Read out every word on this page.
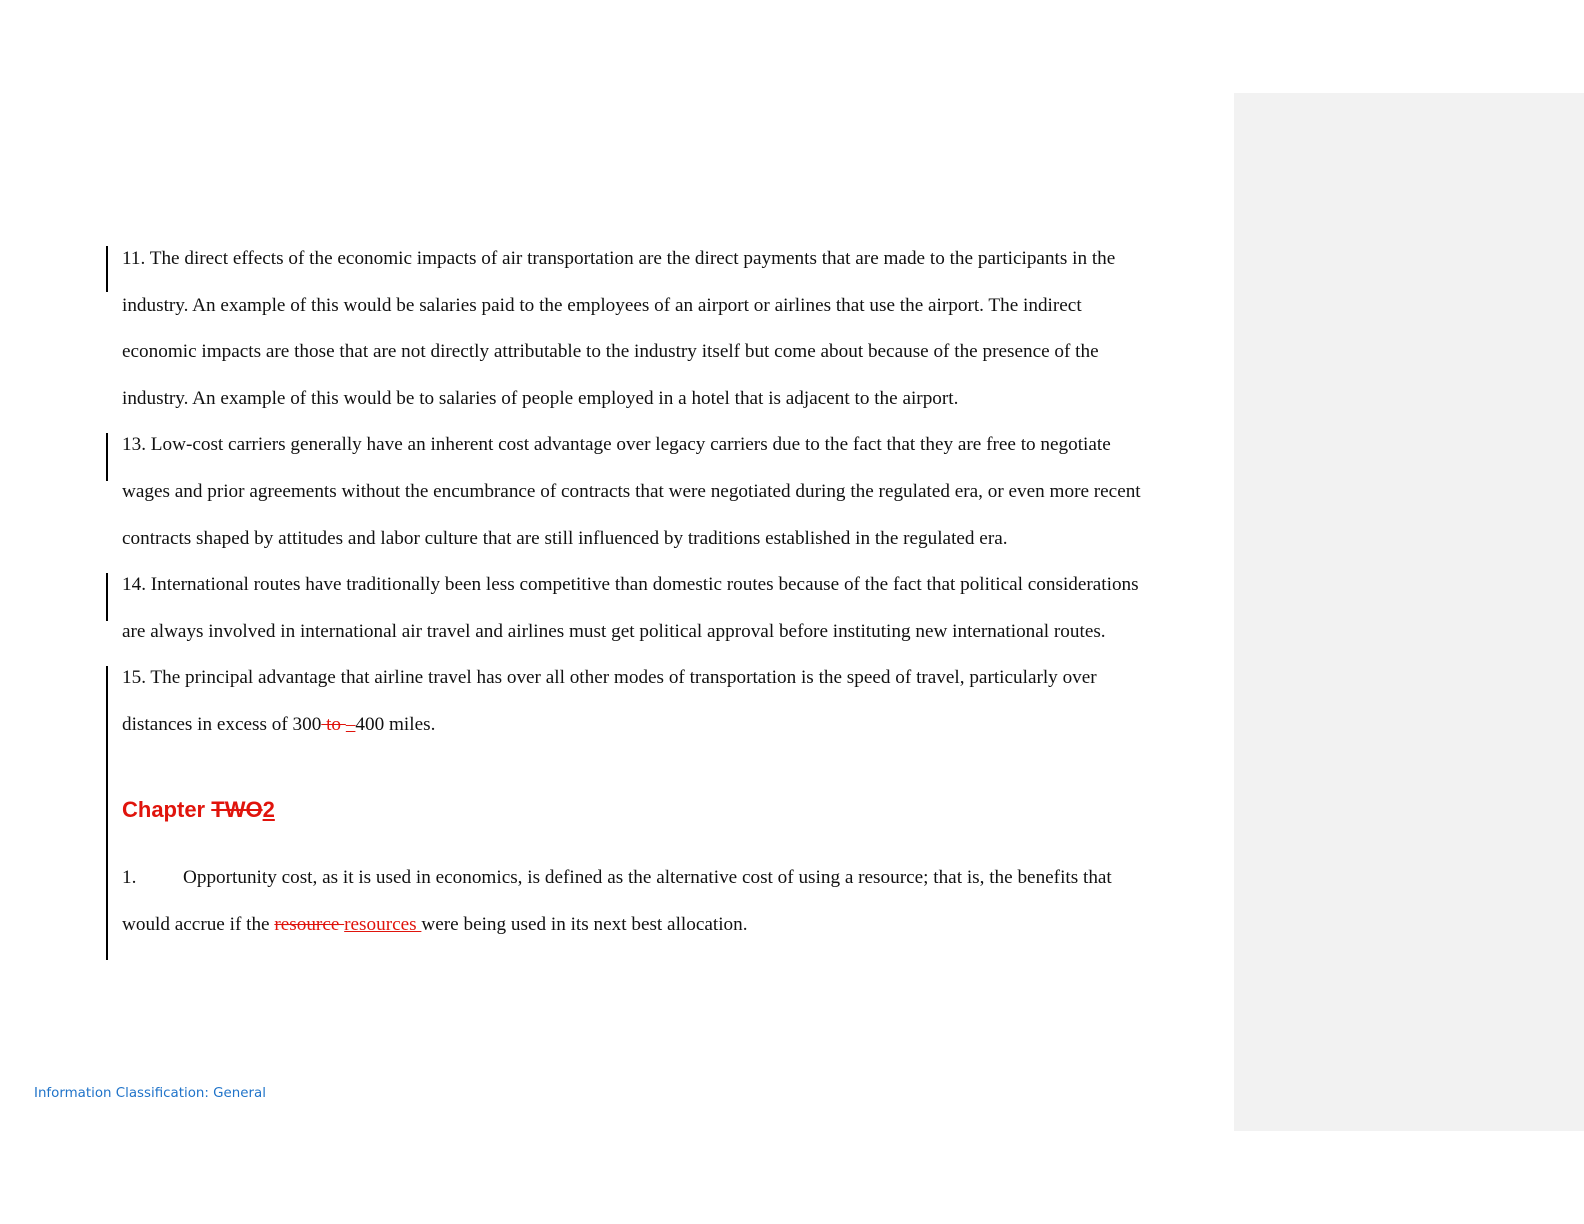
11. The direct effects of the economic impacts of air transportation are the direct payments that are made to the participants in the
industry. An example of this would be salaries paid to the employees of an airport or airlines that use the airport. The indirect
economic impacts are those that are not directly attributable to the industry itself but come about because of the presence of the
industry. An example of this would be to salaries of people employed in a hotel that is adjacent to the airport.
13. Low-cost carriers generally have an inherent cost advantage over legacy carriers due to the fact that they are free to negotiate
wages and prior agreements without the encumbrance of contracts that were negotiated during the regulated era, or even more recent
contracts shaped by attitudes and labor culture that are still influenced by traditions established in the regulated era.
14. International routes have traditionally been less competitive than domestic routes because of the fact that political considerations
are always involved in international air travel and airlines must get political approval before instituting new international routes.
15. The principal advantage that airline travel has over all other modes of transportation is the speed of travel, particularly over
distances in excess of 300 to –400 miles.
Chapter TWO2
1. Opportunity cost, as it is used in economics, is defined as the alternative cost of using a resource; that is, the benefits that
would accrue if the resource resources were being used in its next best allocation.
Information Classification: General
